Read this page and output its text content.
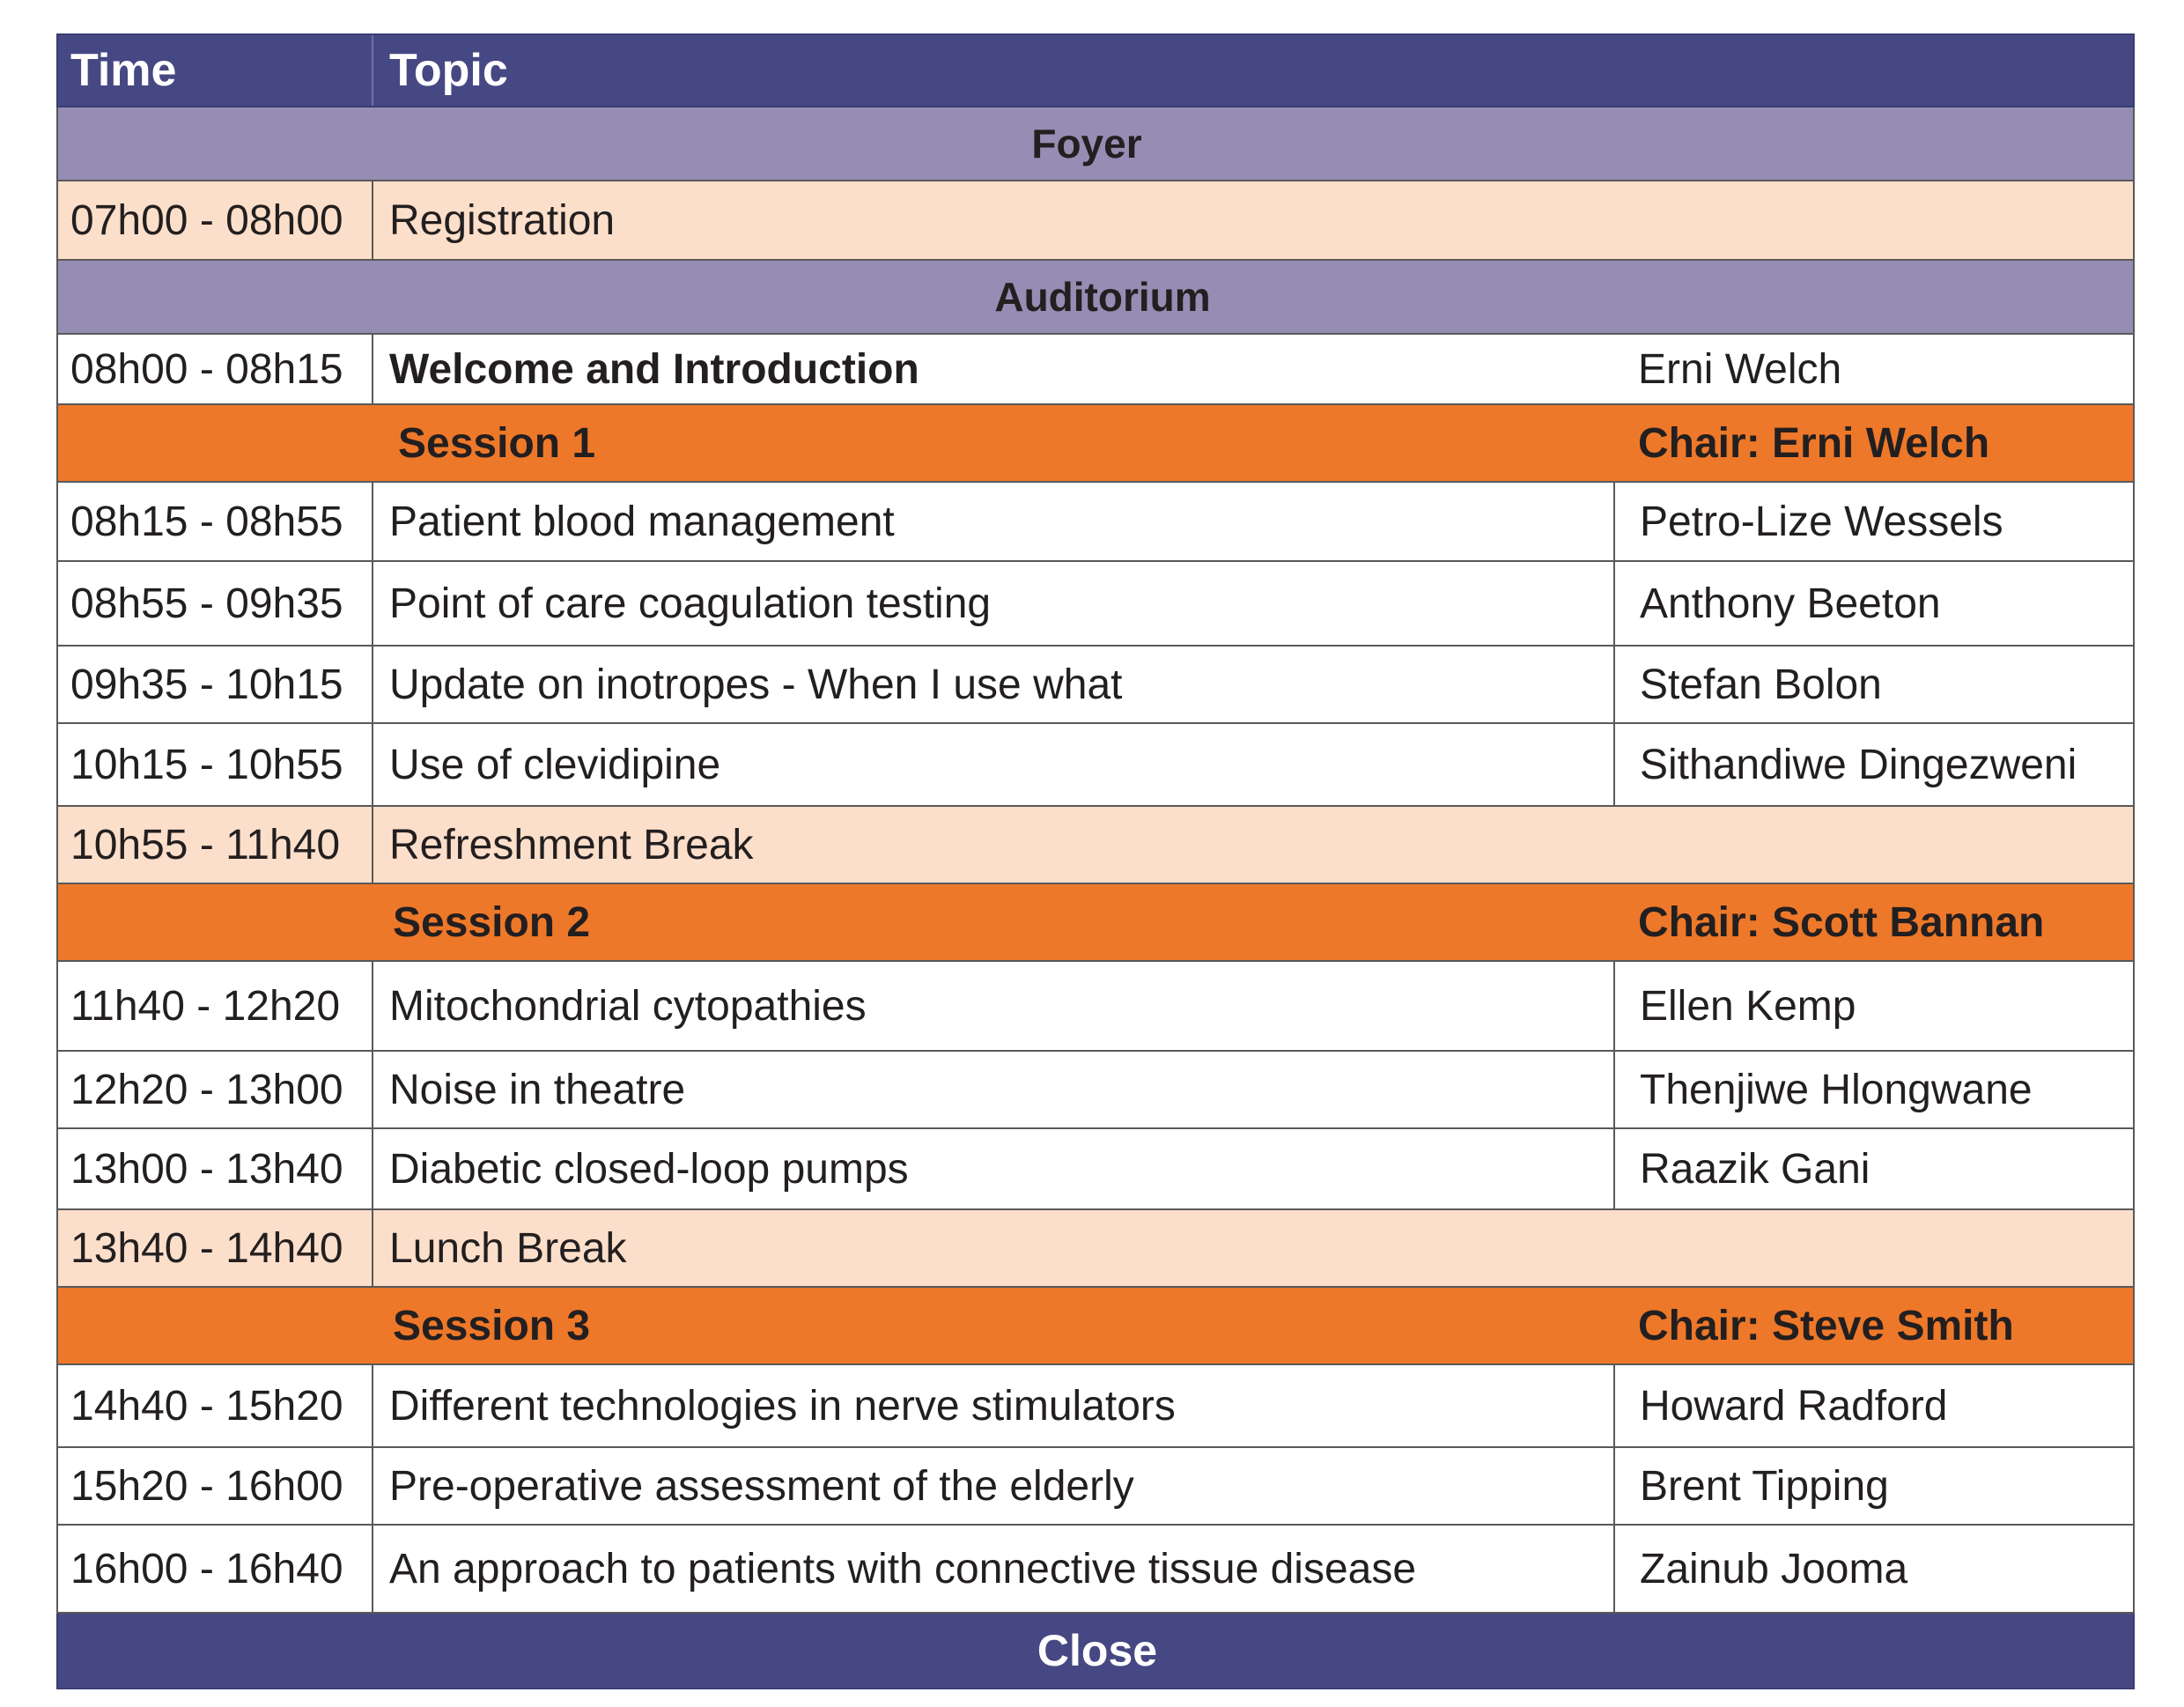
Time	Topic
Foyer
07h00 - 08h00	Registration
Auditorium
08h00 - 08h15	Welcome and Introduction	Erni Welch
Session 1	Chair: Erni Welch
08h15 - 08h55	Patient blood management	Petro-Lize Wessels
08h55 - 09h35	Point of care coagulation testing	Anthony Beeton
09h35 - 10h15	Update on inotropes - When I use what	Stefan Bolon
10h15 - 10h55	Use of clevidipine	Sithandiwe Dingezweni
10h55 - 11h40	Refreshment Break
Session 2	Chair: Scott Bannan
11h40 - 12h20	Mitochondrial cytopathies	Ellen Kemp
12h20 - 13h00	Noise in theatre	Thenjiwe Hlongwane
13h00 - 13h40	Diabetic closed-loop pumps	Raazik Gani
13h40 - 14h40	Lunch Break
Session 3	Chair: Steve Smith
14h40 - 15h20	Different technologies in nerve stimulators	Howard Radford
15h20 - 16h00	Pre-operative assessment of the elderly	Brent Tipping
16h00 - 16h40	An approach to patients with connective tissue disease	Zainub Jooma
Close
